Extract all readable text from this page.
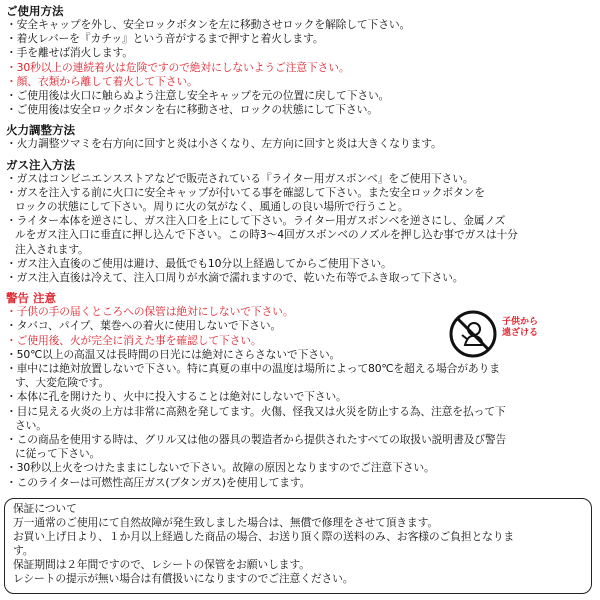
ご使用方法
・安全キャップを外し、安全ロックボタンを左に移動させロックを解除して下さい。
・着火レバーを『カチッ』という音がするまで押すと着火します。
・手を離せば消火します。
・30秒以上の連続着火は危険ですので絶対にしないようご注意下さい。
・顔、衣類から離して着火して下さい。
・ご使用後は火口に触らぬよう注意し安全キャップを元の位置に戻して下さい。
・ご使用後は安全ロックボタンを右に移動させ、ロックの状態にして下さい。
火力調整方法
・火力調整ツマミを右方向に回すと炎は小さくなり、左方向に回すと炎は大きくなります。
ガス注入方法
・ガスはコンビニエンスストアなどで販売されている『ライター用ガスボンベ』をご使用下さい。
・ガスを注入する前に火口に安全キャップが付いてる事を確認して下さい。また安全ロックボタンを
ロックの状態にして下さい。周りに火の気がなく、風通しの良い場所で行うこと。
・ライター本体を逆さにし、ガス注入口を上にして下さい。ライター用ガスボンベを逆さにし、金属ノズ
ルをガス注入口に垂直に押し込んで下さい。この時3～4回ガスボンベのノズルを押し込む事でガスは十分
注入されます。
・ガス注入直後のご使用は避け、最低でも10分以上経過してからご使用下さい。
・ガス注入直後は冷えて、注入口周りが水滴で濡れますので、乾いた布等でふき取って下さい。
警告 注意
・子供の手の届くところへの保管は絶対にしないで下さい。
・タバコ、パイプ、葉巻への着火に使用しないで下さい。
・ご使用後、火が完全に消えた事を確認して下さい。
・50℃以上の高温又は長時間の日光には絶対にさらさないで下さい。
・車中には絶対放置しないで下さい。特に真夏の車中の温度は場所によって80℃を超える場合がありま
す、大変危険です。
・本体に孔を開けたり、火中に投入することは絶対にしないで下さい。
・目に見える火炎の上方は非常に高熱を発してます。火傷、怪我又は火災を防止する為、注意を払って下
さい。
・この商品を使用する時は、グリル又は他の器具の製造者から提供されたすべての取扱い説明書及び警告
に従って下さい。
・30秒以上火をつけたままにしないで下さい。故障の原因となりますのでご注意下さい。
・このライターは可燃性高圧ガス(ブタンガス)を使用してます。
子供から
遠ざける
保証について
万一通常のご使用にて自然故障が発生致しました場合は、無償で修理をさせて頂きます。
お買い上げ日より、１か月以上経過した商品の場合、お送り頂く際の送料のみ、お客様のご負担となりま
す。
保証期間は２年間ですので、レシートの保管をお願いします。
レシートの提示が無い場合は有償扱いになりますのでご注意ください。
